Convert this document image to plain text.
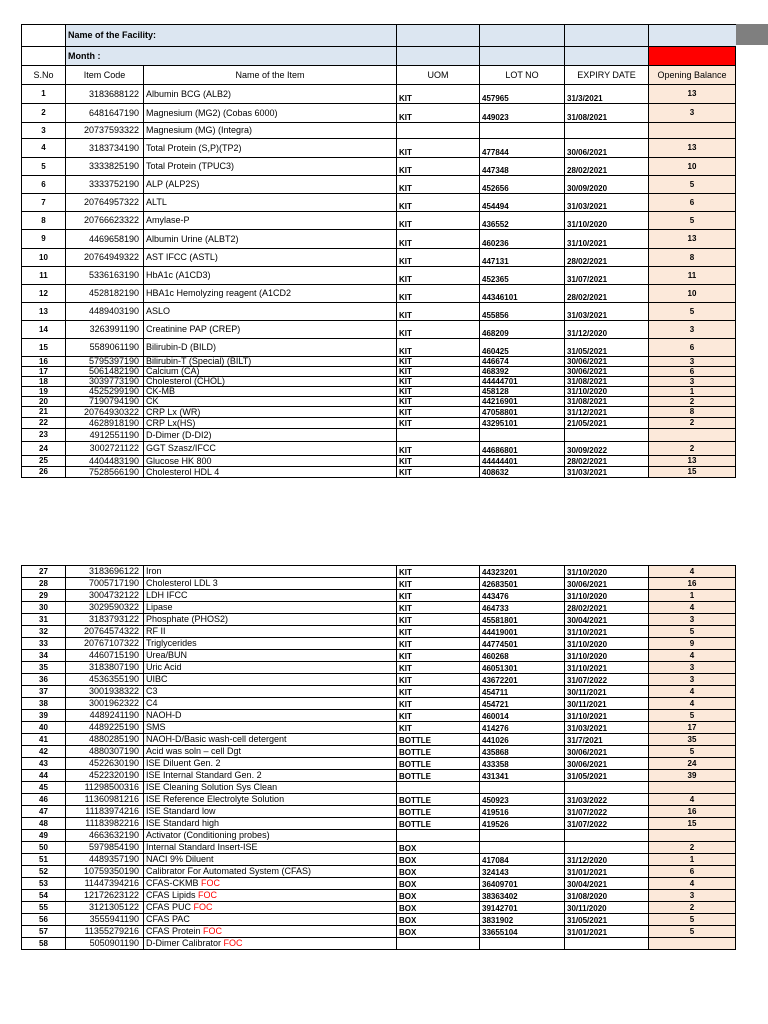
	Name of the Facility:					
	Month :					
S.No	Item Code	Name of the Item	UOM	LOT NO	EXPIRY DATE	Opening Balance
1	3183688122	Albumin BCG (ALB2)	KIT	457965	31/3/2021	13
2	6481647190	Magnesium (MG2) (Cobas 6000)	KIT	449023	31/08/2021	3
3	20737593322	Magnesium (MG) (Integra)				
4	3183734190	Total Protein (S,P)(TP2)	KIT	477844	30/06/2021	13
5	3333825190	Total Protein (TPUC3)	KIT	447348	28/02/2021	10
6	3333752190	ALP (ALP2S)	KIT	452656	30/09/2020	5
7	20764957322	ALTL	KIT	454494	31/03/2021	6
8	20766623322	Amylase-P	KIT	436552	31/10/2020	5
9	4469658190	Albumin Urine (ALBT2)	KIT	460236	31/10/2021	13
10	20764949322	AST IFCC (ASTL)	KIT	447131	28/02/2021	8
11	5336163190	HbA1c (A1CD3)	KIT	452365	31/07/2021	11
12	4528182190	HBA1c Hemolyzing reagent (A1CD2	KIT	44346101	28/02/2021	10
13	4489403190	ASLO	KIT	455856	31/03/2021	5
14	3263991190	Creatinine PAP (CREP)	KIT	468209	31/12/2020	3
15	5589061190	Bilirubin-D (BILD)	KIT	460425	31/05/2021	6
16	5795397190	Bilirubin-T (Special) (BILT)	KIT	446674	30/06/2021	3
17	5061482190	Calcium (CA)	KIT	468392	30/06/2021	6
18	3039773190	Cholesterol (CHOL)	KIT	44444701	31/08/2021	3
19	4525299190	CK-MB	KIT	458128	31/10/2020	1
20	7190794190	CK	KIT	44216901	31/08/2021	2
21	20764930322	CRP Lx (WR)	KIT	47058801	31/12/2021	8
22	4628918190	CRP Lx(HS)	KIT	43295101	21/05/2021	2
23	4912551190	D-Dimer (D-DI2)				
24	3002721122	GGT Szasz/IFCC	KIT	44686801	30/09/2022	2
25	4404483190	Glucose HK 800	KIT	44444401	28/02/2021	13
26	7528566190	Cholesterol HDL 4	KIT	408632	31/03/2021	15
27	3183696122	Iron	KIT	44323201	31/10/2020	4
28	7005717190	Cholesterol LDL 3	KIT	42683501	30/06/2021	16
29	3004732122	LDH IFCC	KIT	443476	31/10/2020	1
30	3029590322	Lipase	KIT	464733	28/02/2021	4
31	3183793122	Phosphate (PHOS2)	KIT	45581801	30/04/2021	3
32	20764574322	RF II	KIT	44419001	31/10/2021	5
33	20767107322	Triglycerides	KIT	44774501	31/10/2020	9
34	4460715190	Urea/BUN	KIT	460268	31/10/2020	4
35	3183807190	Uric Acid	KIT	46051301	31/10/2021	3
36	4536355190	UIBC	KIT	43672201	31/07/2022	3
37	3001938322	C3	KIT	454711	30/11/2021	4
38	3001962322	C4	KIT	454721	30/11/2021	4
39	4489241190	NAOH-D	KIT	460014	31/10/2021	5
40	4489225190	SMS	KIT	414276	31/03/2021	17
41	4880285190	NAOH-D/Basic wash-cell detergent	BOTTLE	441026	31/7/2021	35
42	4880307190	Acid was soln – cell Dgt	BOTTLE	435868	30/06/2021	5
43	4522630190	ISE Diluent Gen. 2	BOTTLE	433358	30/06/2021	24
44	4522320190	ISE Internal Standard Gen. 2	BOTTLE	431341	31/05/2021	39
45	11298500316	ISE Cleaning Solution Sys Clean				
46	11360981216	ISE Reference Electrolyte Solution	BOTTLE	450923	31/03/2022	4
47	11183974216	ISE Standard low	BOTTLE	419516	31/07/2022	16
48	11183982216	ISE Standard high	BOTTLE	419526	31/07/2022	15
49	4663632190	Activator (Conditioning probes)				
50	5979854190	Internal Standard Insert-ISE	BOX			2
51	4489357190	NACI 9% Diluent	BOX	417084	31/12/2020	1
52	10759350190	Calibrator For Automated System (CFAS)	BOX	324143	31/01/2021	6
53	11447394216	CFAS-CKMB FOC	BOX	36409701	30/04/2021	4
54	12172623122	CFAS Lipids FOC	BOX	38363402	31/08/2020	3
55	3121305122	CFAS PUC FOC	BOX	39142701	30/11/2020	2
56	3555941190	CFAS PAC	BOX	3831902	31/05/2021	5
57	11355279216	CFAS Protein FOC	BOX	33655104	31/01/2021	5
58	5050901190	D-Dimer Calibrator FOC				
